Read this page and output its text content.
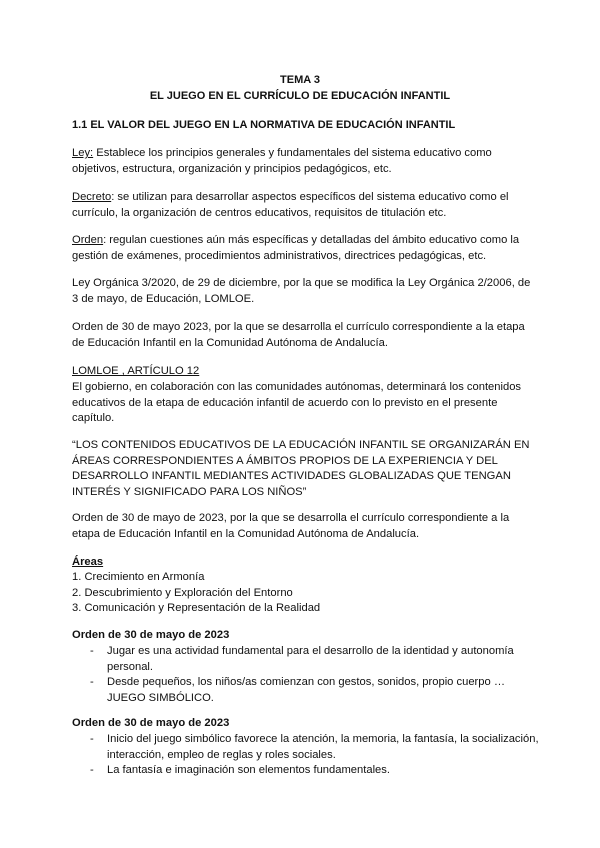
TEMA 3
EL JUEGO EN EL CURRÍCULO DE EDUCACIÓN INFANTIL
1.1 EL VALOR DEL JUEGO EN LA NORMATIVA DE EDUCACIÓN INFANTIL
Ley: Establece los principios generales y fundamentales del sistema educativo como objetivos, estructura, organización y principios pedagógicos, etc.
Decreto: se utilizan para desarrollar aspectos específicos del sistema educativo como el currículo, la organización de centros educativos, requisitos de titulación etc.
Orden: regulan cuestiones aún más específicas y detalladas del ámbito educativo como la gestión de exámenes, procedimientos administrativos, directrices pedagógicas, etc.
Ley Orgánica 3/2020, de 29 de diciembre, por la que se modifica la Ley Orgánica 2/2006, de 3 de mayo, de Educación, LOMLOE.
Orden de 30 de mayo 2023, por la que se desarrolla el currículo correspondiente a la etapa de Educación Infantil en la Comunidad Autónoma de Andalucía.
LOMLOE , ARTÍCULO 12
El gobierno, en colaboración con las comunidades autónomas, determinará los contenidos educativos de la etapa de educación infantil de acuerdo con lo previsto en el presente capítulo.
“LOS CONTENIDOS EDUCATIVOS DE LA EDUCACIÓN INFANTIL SE ORGANIZARÁN EN ÁREAS CORRESPONDIENTES A ÁMBITOS PROPIOS DE LA EXPERIENCIA Y DEL DESARROLLO INFANTIL MEDIANTES ACTIVIDADES GLOBALIZADAS QUE TENGAN INTERÉS Y SIGNIFICADO PARA LOS NIÑOS”
Orden de 30 de mayo de 2023, por la que se desarrolla el currículo correspondiente a la etapa de Educación Infantil en la Comunidad Autónoma de Andalucía.
Áreas
1. Crecimiento en Armonía
2. Descubrimiento y Exploración del Entorno
3. Comunicación y Representación de la Realidad
Orden de 30 de mayo de 2023
- Jugar es una actividad fundamental para el desarrollo de la identidad y autonomía personal.
- Desde pequeños, los niños/as comienzan con gestos, sonidos, propio cuerpo …JUEGO SIMBÓLICO.
Orden de 30 de mayo de 2023
- Inicio del juego simbólico favorece la atención, la memoria, la fantasía, la socialización, interacción, empleo de reglas y roles sociales.
- La fantasía e imaginación son elementos fundamentales.
